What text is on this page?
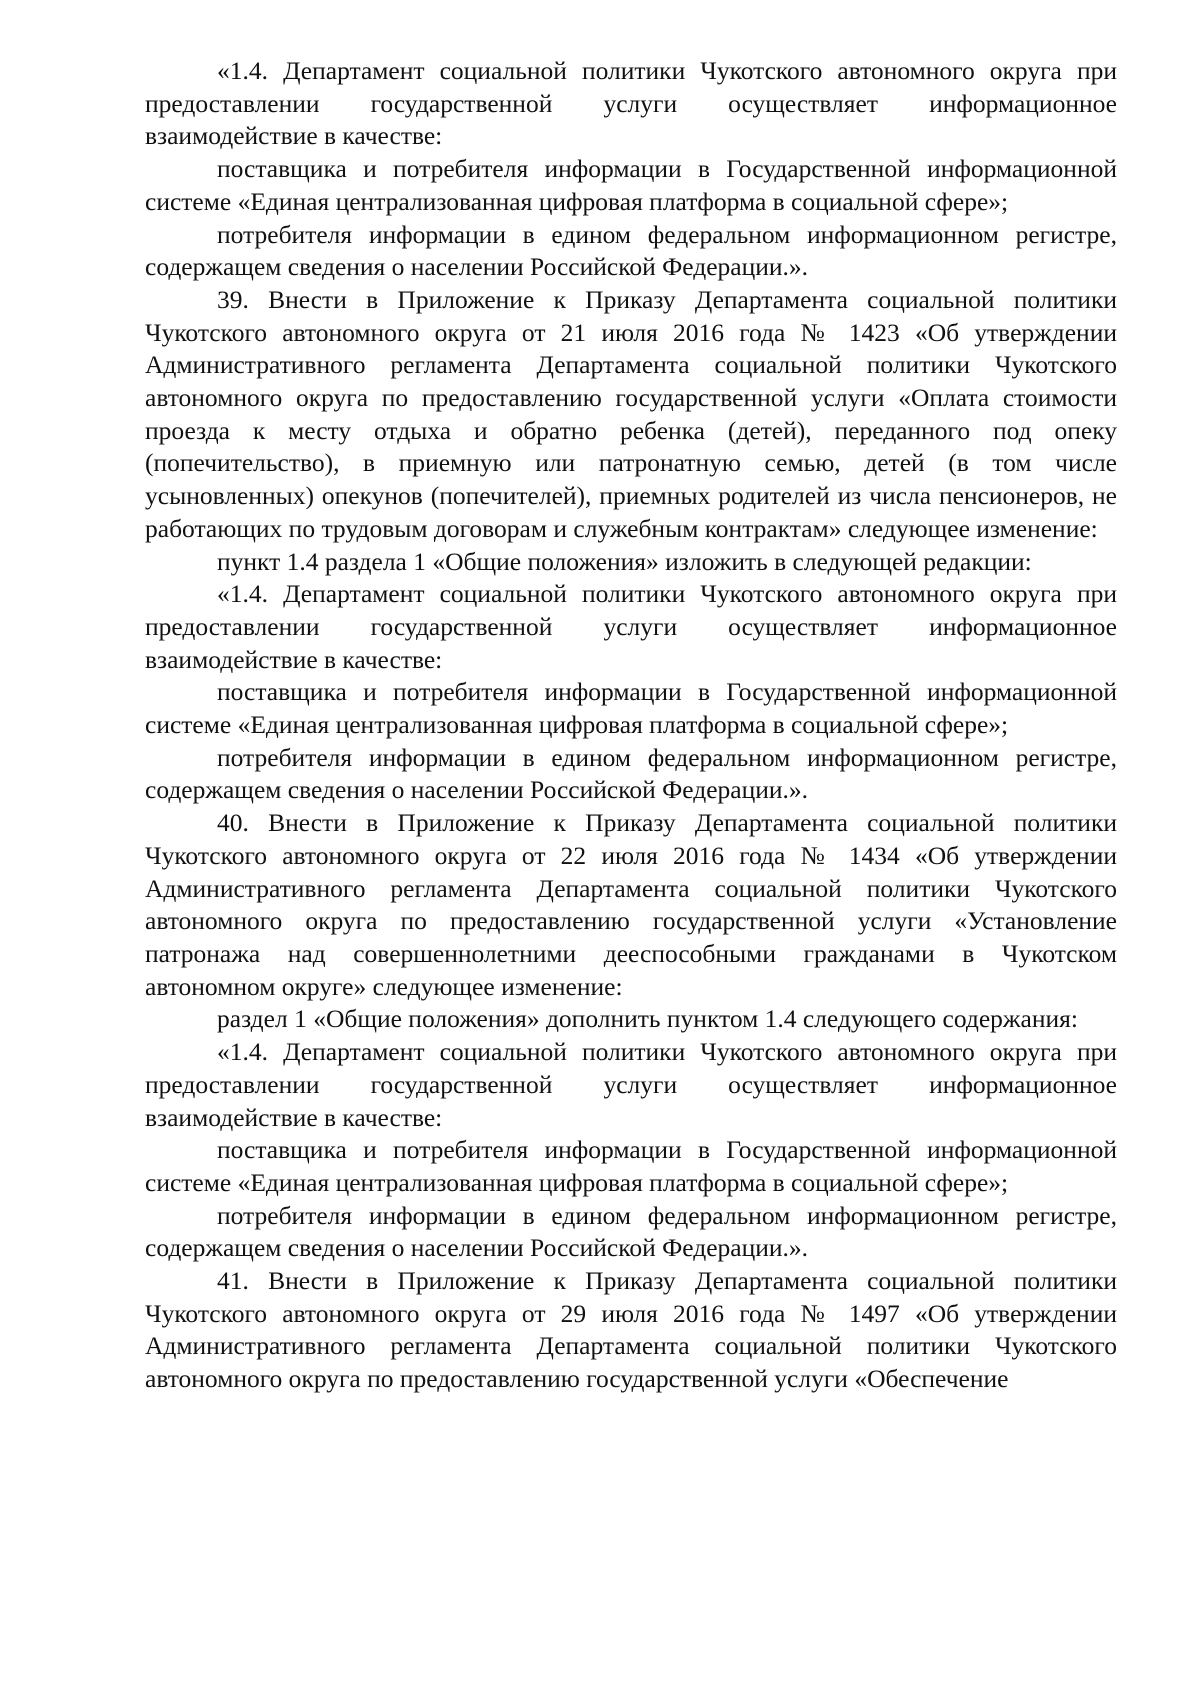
«1.4. Департамент социальной политики Чукотского автономного округа при предоставлении государственной услуги осуществляет информационное взаимодействие в качестве:

поставщика и потребителя информации в Государственной информационной системе «Единая централизованная цифровая платформа в социальной сфере»;

потребителя информации в едином федеральном информационном регистре, содержащем сведения о населении Российской Федерации.».

39. Внести в Приложение к Приказу Департамента социальной политики Чукотского автономного округа от 21 июля 2016 года № 1423 «Об утверждении Административного регламента Департамента социальной политики Чукотского автономного округа по предоставлению государственной услуги «Оплата стоимости проезда к месту отдыха и обратно ребенка (детей), переданного под опеку (попечительство), в приемную или патронатную семью, детей (в том числе усыновленных) опекунов (попечителей), приемных родителей из числа пенсионеров, не работающих по трудовым договорам и служебным контрактам» следующее изменение:

пункт 1.4 раздела 1 «Общие положения» изложить в следующей редакции:

«1.4. Департамент социальной политики Чукотского автономного округа при предоставлении государственной услуги осуществляет информационное взаимодействие в качестве:

поставщика и потребителя информации в Государственной информационной системе «Единая централизованная цифровая платформа в социальной сфере»;

потребителя информации в едином федеральном информационном регистре, содержащем сведения о населении Российской Федерации.».

40. Внести в Приложение к Приказу Департамента социальной политики Чукотского автономного округа от 22 июля 2016 года № 1434 «Об утверждении Административного регламента Департамента социальной политики Чукотского автономного округа по предоставлению государственной услуги «Установление патронажа над совершеннолетними дееспособными гражданами в Чукотском автономном округе» следующее изменение:

раздел 1 «Общие положения» дополнить пунктом 1.4 следующего содержания:

«1.4. Департамент социальной политики Чукотского автономного округа при предоставлении государственной услуги осуществляет информационное взаимодействие в качестве:

поставщика и потребителя информации в Государственной информационной системе «Единая централизованная цифровая платформа в социальной сфере»;

потребителя информации в едином федеральном информационном регистре, содержащем сведения о населении Российской Федерации.».

41. Внести в Приложение к Приказу Департамента социальной политики Чукотского автономного округа от 29 июля 2016 года № 1497 «Об утверждении Административного регламента Департамента социальной политики Чукотского автономного округа по предоставлению государственной услуги «Обеспечение
